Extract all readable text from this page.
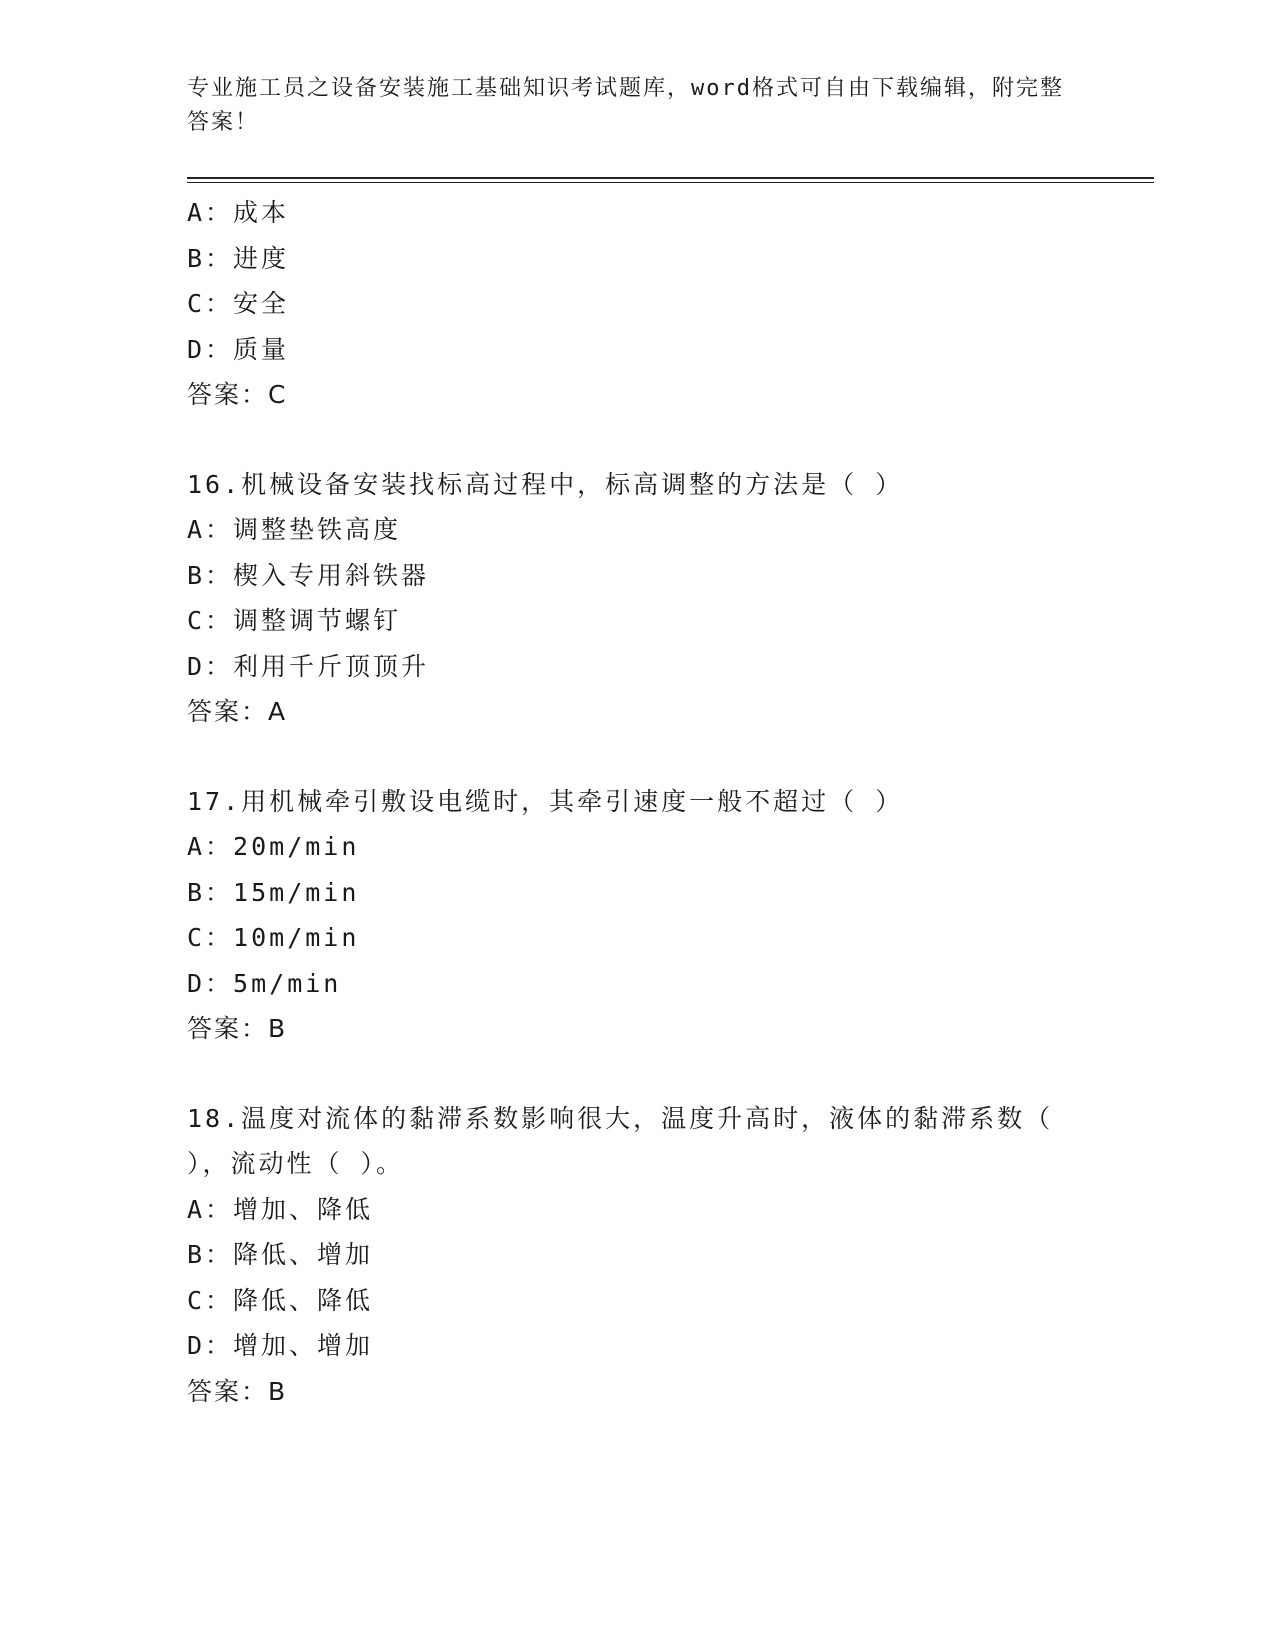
专业施工员之设备安装施工基础知识考试题库，word格式可自由下载编辑，附完整答案！
A：成本
B：进度
C：安全
D：质量
答案：C
16.机械设备安装找标高过程中，标高调整的方法是（ ）
A：调整垫铁高度
B：楔入专用斜铁器
C：调整调节螺钉
D：利用千斤顶顶升
答案：A
17.用机械牵引敷设电缆时，其牵引速度一般不超过（ ）
A：20m/min
B：15m/min
C：10m/min
D：5m/min
答案：B
18.温度对流体的黏滞系数影响很大，温度升高时，液体的黏滞系数（ ），流动性（ ）。
A：增加、降低
B：降低、增加
C：降低、降低
D：增加、增加
答案：B
